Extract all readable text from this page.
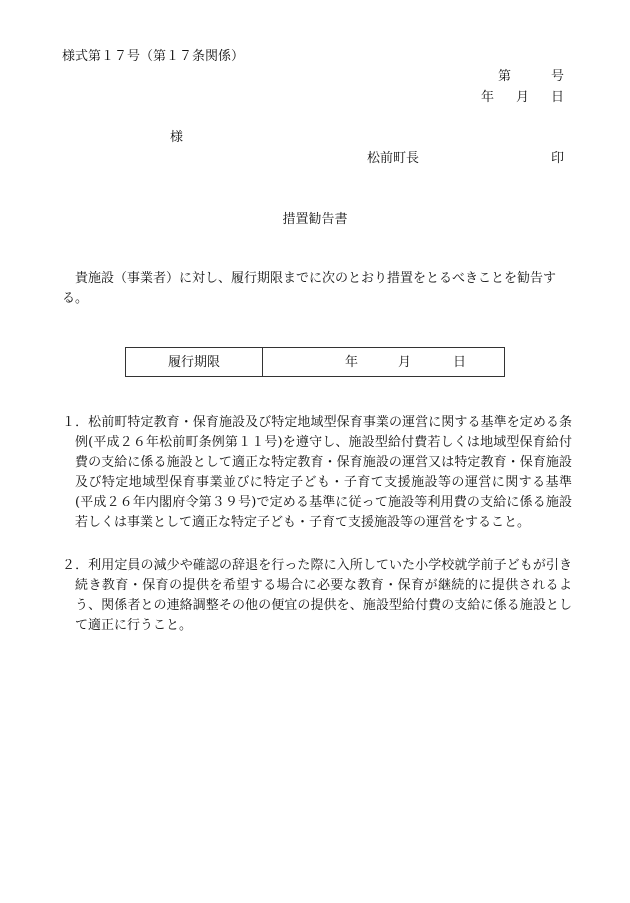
様式第１７号（第１７条関係）
第	号
年 月 日
様
松前町長	印
措置勧告書
貴施設（事業者）に対し、履行期限までに次のとおり措置をとるべきことを勧告する。
履行期限	年	月	日
１．松前町特定教育・保育施設及び特定地域型保育事業の運営に関する基準を定める条例(平成２６年松前町条例第１１号)を遵守し、施設型給付費若しくは地域型保育給付費の支給に係る施設として適正な特定教育・保育施設の運営又は特定教育・保育施設及び特定地域型保育事業並びに特定子ども・子育て支援施設等の運営に関する基準(平成２６年内閣府令第３９号)で定める基準に従って施設等利用費の支給に係る施設若しくは事業として適正な特定子ども・子育て支援施設等の運営をすること。
２．利用定員の減少や確認の辞退を行った際に入所していた小学校就学前子どもが引き続き教育・保育の提供を希望する場合に必要な教育・保育が継続的に提供されるよう、関係者との連絡調整その他の便宜の提供を、施設型給付費の支給に係る施設として適正に行うこと。
